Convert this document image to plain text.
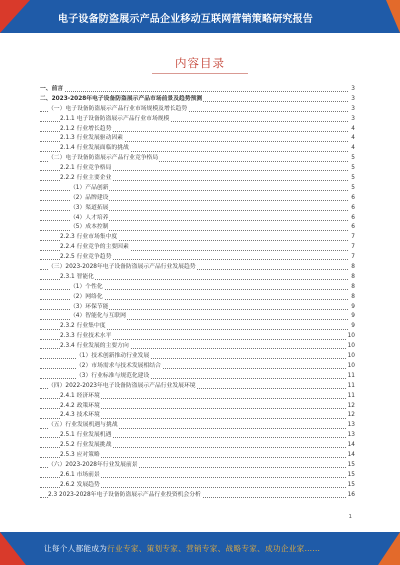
电子设备防盗展示产品企业移动互联网营销策略研究报告
内容目录
一、前言	3
二、2023-2028年电子设备防盗展示产品市场前景及趋势预测	3
（一）电子设备防盗展示产品行业市场规模及增长趋势	3
2.1.1 电子设备防盗展示产品行业市场规模	3
2.1.2 行业增长趋势	4
2.1.3 行业发展驱动因素	4
2.1.4 行业发展面临的挑战	4
（二）电子设备防盗展示产品行业竞争格局	5
2.2.1 行业竞争格局	5
2.2.2 行业主要企业	5
（1）产品创新	5
（2）品牌建设	6
（3）渠道拓展	6
（4）人才培养	6
（5）成本控制	6
2.2.3 行业市场集中度	7
2.2.4 行业竞争的主要因素	7
2.2.5 行业竞争趋势	7
（三）2023-2028年电子设备防盗展示产品行业发展趋势	8
2.3.1 智能化	8
（1）个性化	8
（2）网络化	8
（3）环保节能	9
（4）智能化与互联网	9
2.3.2 行业集中度	9
2.3.3 行业技术水平	10
2.3.4 行业发展的主要方向	10
（1）技术创新推动行业发展	10
（2）市场需求与技术发展相结合	10
（3）行业标准与规范化建设	11
（四）2022-2023年电子设备防盗展示产品行业发展环境	11
2.4.1 经济环境	11
2.4.2 政策环境	12
2.4.3 技术环境	12
（五）行业发展机遇与挑战	13
2.5.1 行业发展机遇	13
2.5.2 行业发展挑战	14
2.5.3 应对策略	14
（六）2023-2028年行业发展前景	15
2.6.1 市场前景	15
2.6.2 发展趋势	15
2.3 2023-2028年电子设备防盗展示产品行业投资机会分析	16
1
让每个人都能成为行业专家、策划专家、营销专家、战略专家、成功企业家……
